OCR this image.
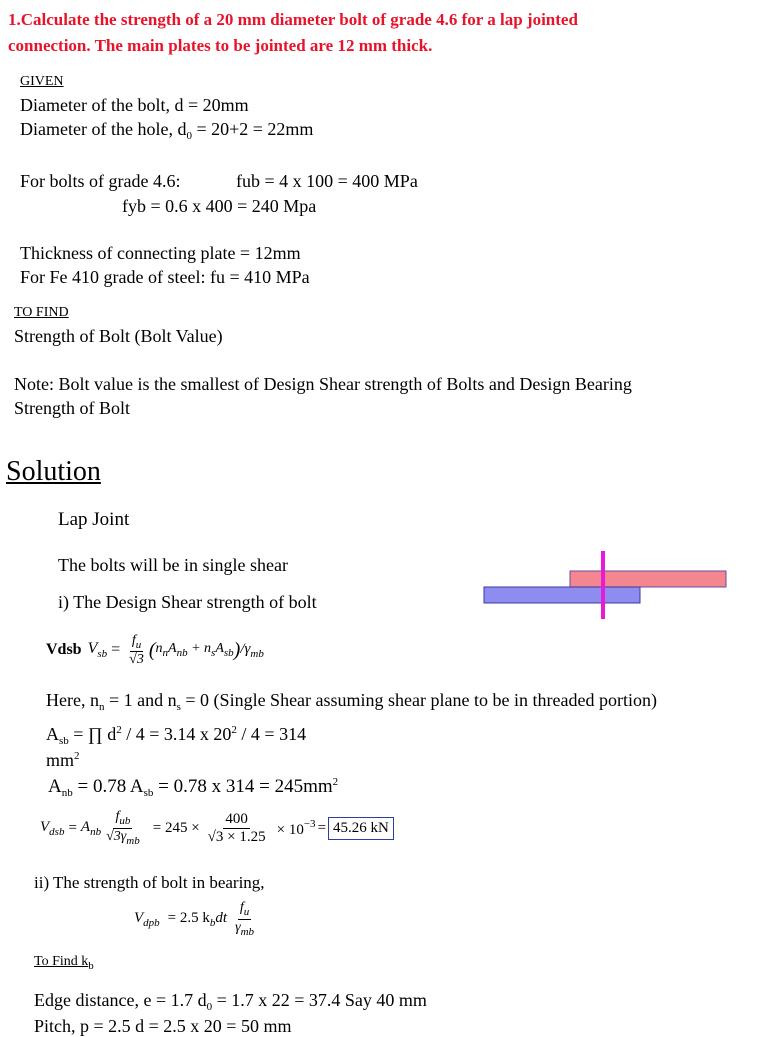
1.Calculate the strength of a 20 mm diameter bolt of grade 4.6 for a lap jointed
connection. The main plates to be jointed are 12 mm thick.
GIVEN
Diameter of the bolt, d = 20mm
Diameter of the hole, $d_0 = 20+2 = 22mm$
For bolts of grade 4.6:	fub = 4 x 100 = 400 MPa
fyb = 0.6 x 400 = 240 Mpa
Thickness of connecting plate = 12mm
For Fe 410 grade of steel: fu = 410 MPa
TO FIND
Strength of Bolt (Bolt Value)
Note: Bolt value is the smallest of Design Shear strength of Bolts and Design Bearing
Strength of Bolt
Solution
Lap Joint
The bolts will be in single shear
i) The Design Shear strength of bolt
Vdsb $V_{sb} = \frac{f_u}{√3}$ ( $n_nA_{nb} + n_sA_{sb}$ ) $/\gamma_{mb}$
Here, $n_n = 1$ and $n_s = 0$ (Single Shear assuming shear plane to be in threaded portion)
$A_{sb}$ = ∏ $d^2 / 4 = 3.14$ x $20^2 / 4 = 314$
$mm^2$
$A_{nb} = 0.78$ $A_{sb} = 0.78$ x $314 = 245mm^2$
$V_{dsb} = A_{nb} \frac{f_{ub}}{√3\gamma_{mb}} = 245 \times \frac{400}{√3 \times 1.25} \times 10^{-3} = 45.26$ kN
ii) The strength of bolt in bearing,
$V_{dpb} = 2.5$ $k_bdt \frac{f_u}{\gamma_{mb}}$
To Find $k_b$
Edge distance, e = 1.7 $d_0 = 1.7$ x 22 = 37.4 Say 40 mm
Pitch, p = 2.5 d = 2.5 x 20 = 50 mm
